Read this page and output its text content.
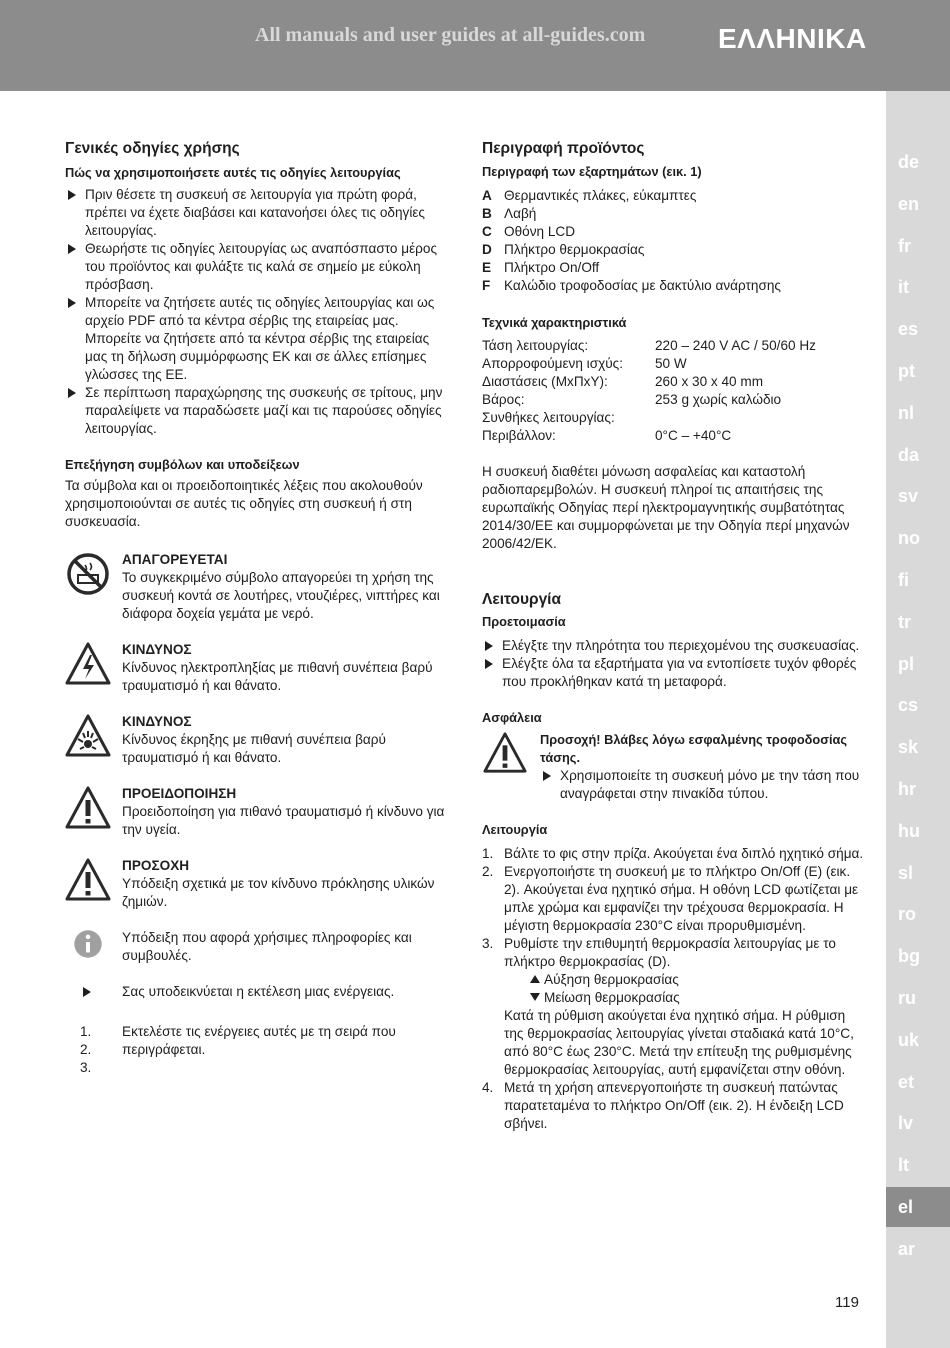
All manuals and user guides at all-guides.com	ΕΛΛΗΝΙΚΑ
de
en
fr
it
es
pt
nl
da
sv
no
fi
tr
pl
cs
sk
hr
hu
sl
ro
bg
ru
uk
et
lv
lt
el
ar
Γενικές οδηγίες χρήσης
Πώς να χρησιμοποιήσετε αυτές τις οδηγίες λειτουργίας
Πριν θέσετε τη συσκευή σε λειτουργία για πρώτη φορά, πρέπει να έχετε διαβάσει και κατανοήσει όλες τις οδηγίες λειτουργίας.
Θεωρήστε τις οδηγίες λειτουργίας ως αναπόσπαστο μέρος του προϊόντος και φυλάξτε τις καλά σε σημείο με εύκολη πρόσβαση.
Μπορείτε να ζητήσετε αυτές τις οδηγίες λειτουργίας και ως αρχείο PDF από τα κέντρα σέρβις της εταιρείας μας. Μπορείτε να ζητήσετε από τα κέντρα σέρβις της εταιρείας μας τη δήλωση συμμόρφωσης ΕΚ και σε άλλες επίσημες γλώσσες της ΕΕ.
Σε περίπτωση παραχώρησης της συσκευής σε τρίτους, μην παραλείψετε να παραδώσετε μαζί και τις παρούσες οδηγίες λειτουργίας.
Επεξήγηση συμβόλων και υποδείξεων

Τα σύμβολα και οι προειδοποιητικές λέξεις που ακολουθούν χρησιμοποιούνται σε αυτές τις οδηγίες στη συσκευή ή στη συσκευασία.

ΑΠΑΓΟΡΕΥΕΤΑΙ
Το συγκεκριμένο σύμβολο απαγορεύει τη χρήση της συσκευή κοντά σε λουτήρες, ντουζιέρες, νιπτήρες και διάφορα δοχεία γεμάτα με νερό.
ΚΙΝΔΥΝΟΣ
Κίνδυνος ηλεκτροπληξίας με πιθανή συνέπεια βαρύ τραυματισμό ή και θάνατο.
ΚΙΝΔΥΝΟΣ
Κίνδυνος έκρηξης με πιθανή συνέπεια βαρύ τραυματισμό ή και θάνατο.
ΠΡΟΕΙΔΟΠΟΙΗΣΗ
Προειδοποίηση για πιθανό τραυματισμό ή κίνδυνο για την υγεία.
ΠΡΟΣΟΧΗ
Υπόδειξη σχετικά με τον κίνδυνο πρόκλησης υλικών ζημιών.
Υπόδειξη που αφορά χρήσιμες πληροφορίες και συμβουλές.
Σας υποδεικνύεται η εκτέλεση μιας ενέργειας.
1.
2.
3.
Εκτελέστε τις ενέργειες αυτές με τη σειρά που περιγράφεται.
Περιγραφή προϊόντος
Περιγραφή των εξαρτημάτων (εικ. 1)
A Θερμαντικές πλάκες, εύκαμπτες
B Λαβή
C Οθόνη LCD
D Πλήκτρο θερμοκρασίας
E Πλήκτρο On/Off
F	Καλώδιο τροφοδοσίας με δακτύλιο ανάρτησης
Τεχνικά χαρακτηριστικά
Τάση λειτουργίας:	220 – 240 V AC / 50/60 Hz
Απορροφούμενη ισχύς:	50 W
Διαστάσεις (ΜxΠxΥ):	260 x 30 x 40 mm
Βάρος:	253 g χωρίς καλώδιο
Συνθήκες λειτουργίας:	
Περιβάλλον:	0°C – +40°C

Η συσκευή διαθέτει μόνωση ασφαλείας και καταστολή ραδιοπαρεμβολών. Η συσκευή πληροί τις απαιτήσεις της ευρωπαϊκής Οδηγίας περί ηλεκτρομαγνητικής συμβατότητας 2014/30/ΕΕ και συμμορφώνεται με την Οδηγία περί μηχανών 2006/42/ΕΚ.

Λειτουργία
Προετοιμασία
Ελέγξτε την πληρότητα του περιεχομένου της συσκευασίας.
Ελέγξτε όλα τα εξαρτήματα για να εντοπίσετε τυχόν φθορές που προκλήθηκαν κατά τη μεταφορά.
Ασφάλεια
Προσοχή! Βλάβες λόγω εσφαλμένης τροφοδοσίας τάσης.
Χρησιμοποιείτε τη συσκευή μόνο με την τάση που αναγράφεται στην πινακίδα τύπου.
Λειτουργία
1. Βάλτε το φις στην πρίζα. Ακούγεται ένα διπλό ηχητικό σήμα.
2. Ενεργοποιήστε τη συσκευή με το πλήκτρο On/Off (E) (εικ. 2). Ακούγεται ένα ηχητικό σήμα. Η οθόνη LCD φωτίζεται με μπλε χρώμα και εμφανίζει την τρέχουσα θερμοκρασία. Η μέγιστη θερμοκρασία 230°C είναι προρυθμισμένη.
3. Ρυθμίστε την επιθυμητή θερμοκρασία λειτουργίας με το πλήκτρο θερμοκρασίας (D).
Αύξηση θερμοκρασίας
Μείωση θερμοκρασίας
Κατά τη ρύθμιση ακούγεται ένα ηχητικό σήμα. Η ρύθμιση της θερμοκρασίας λειτουργίας γίνεται σταδιακά κατά 10°C, από 80°C έως 230°C. Μετά την επίτευξη της ρυθμισμένης θερμοκρασίας λειτουργίας, αυτή εμφανίζεται στην οθόνη.
4. Μετά τη χρήση απενεργοποιήστε τη συσκευή πατώντας παρατεταμένα το πλήκτρο On/Off (εικ. 2). Η ένδειξη LCD σβήνει.
119
